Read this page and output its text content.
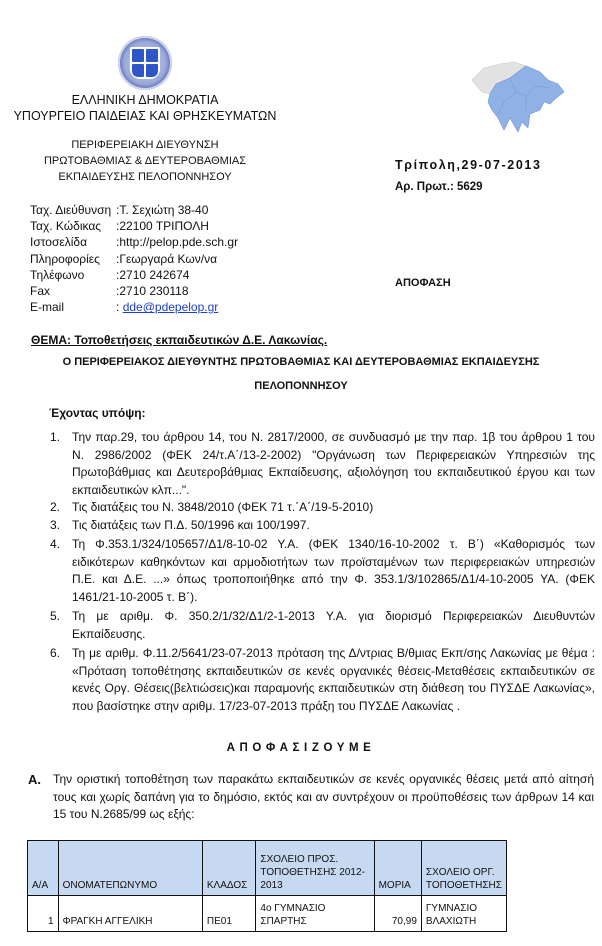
ΕΛΛΗΝΙΚΗ ΔΗΜΟΚΡΑΤΙΑ
ΥΠΟΥΡΓΕΙΟ ΠΑΙΔΕΙΑΣ ΚΑΙ ΘΡΗΣΚΕΥΜΑΤΩΝ
ΠΕΡΙΦΕΡΕΙΑΚΗ ΔΙΕΥΘΥΝΣΗ
ΠΡΩΤΟΒΑΘΜΙΑΣ & ΔΕΥΤΕΡΟΒΑΘΜΙΑΣ
ΕΚΠΑΙΔΕΥΣΗΣ ΠΕΛΟΠΟΝΝΗΣΟΥ
Τρίπολη,29-07-2013
Αρ. Πρωτ.: 5629
Ταχ. Διεύθυνση : Τ. Σεχιώτη 38-40
Ταχ. Κώδικας	: 22100 ΤΡΙΠΟΛΗ
Ιστοσελίδα	: http://pelop.pde.sch.gr
Πληροφορίες	: Γεωργαρά Κων/να
Τηλέφωνο	: 2710 242674
Fax	: 2710 230118
E-mail	:
dde@pdepelop.gr
ΑΠΟΦΑΣΗ
ΘΕΜΑ: Τοποθετήσεις εκπαιδευτικών Δ.Ε. Λακωνίας.
Ο ΠΕΡΙΦΕΡΕΙΑΚΟΣ ΔΙΕΥΘΥΝΤΗΣ ΠΡΩΤΟΒΑΘΜΙΑΣ ΚΑΙ ΔΕΥΤΕΡΟΒΑΘΜΙΑΣ ΕΚΠΑΙΔΕΥΣΗΣ
ΠΕΛΟΠΟΝΝΗΣΟΥ
Έχοντας υπόψη:
1. Την παρ.29, του άρθρου 14, του Ν. 2817/2000, σε συνδυασμό με την παρ. 1β του άρθρου 1 του Ν. 2986/2002 (ΦΕΚ 24/τ.Α΄/13-2-2002) "Οργάνωση των Περιφερειακών Υπηρεσιών της Πρωτοβάθμιας και Δευτεροβάθμιας Εκπαίδευσης, αξιολόγηση του εκπαιδευτικού έργου και των εκπαιδευτικών κλπ...".
2. Τις διατάξεις του Ν. 3848/2010 (ΦΕΚ 71 τ.΄Α΄/19-5-2010)
3. Τις διατάξεις των Π.Δ. 50/1996 και 100/1997.
4. Τη Φ.353.1/324/105657/Δ1/8-10-02 Υ.Α. (ΦΕΚ 1340/16-10-2002 τ. Β΄) «Καθορισμός των ειδικότερων καθηκόντων και αρμοδιοτήτων των προϊσταμένων των περιφερειακών υπηρεσιών Π.Ε. και Δ.Ε. ...» όπως τροποποιήθηκε από την Φ. 353.1/3/102865/Δ1/4-10-2005 ΥΑ. (ΦΕΚ 1461/21-10-2005 τ. Β΄).
5. Τη με αριθμ. Φ. 350.2/1/32/Δ1/2-1-2013 Υ.Α. για διορισμό Περιφερειακών Διευθυντών Εκπαίδευσης.
6. Τη με αριθμ. Φ.11.2/5641/23-07-2013 πρόταση της Δ/ντριας Β/θμιας Εκπ/σης Λακωνίας με θέμα : «Πρόταση τοποθέτησης εκπαιδευτικών σε κενές οργανικές θέσεις-Μεταθέσεις εκπαιδευτικών σε κενές Οργ. Θέσεις(βελτιώσεις)και παραμονής εκπαιδευτικών στη διάθεση του ΠΥΣΔΕ Λακωνίας», που βασίστηκε στην αριθμ. 17/23-07-2013 πράξη του ΠΥΣΔΕ Λακωνίας .
ΑΠΟΦΑΣΙΖΟΥΜΕ
Α.	Την οριστική τοποθέτηση των παρακάτω εκπαιδευτικών σε κενές οργανικές θέσεις μετά από αίτησή τους και χωρίς δαπάνη για το δημόσιο, εκτός και αν συντρέχουν οι προϋποθέσεις των άρθρων 14 και 15 του Ν.2685/99 ως εξής:
Α/Α	ΟΝΟΜΑΤΕΠΩΝΥΜΟ	ΚΛΑΔΟΣ	ΣΧΟΛΕΙΟ ΠΡΟΣ. ΤΟΠΟΘΕΤΗΣΗΣ 2012-2013	ΜΟΡΙΑ	ΣΧΟΛΕΙΟ ΟΡΓ. ΤΟΠΟΘΕΤΗΣΗΣ
1	ΦΡΑΓΚΗ ΑΓΓΕΛΙΚΗ	ΠΕ01	4ο ΓΥΜΝΑΣΙΟ ΣΠΑΡΤΗΣ	70,99	ΓΥΜΝΑΣΙΟ ΒΛΑΧΙΩΤΗ
